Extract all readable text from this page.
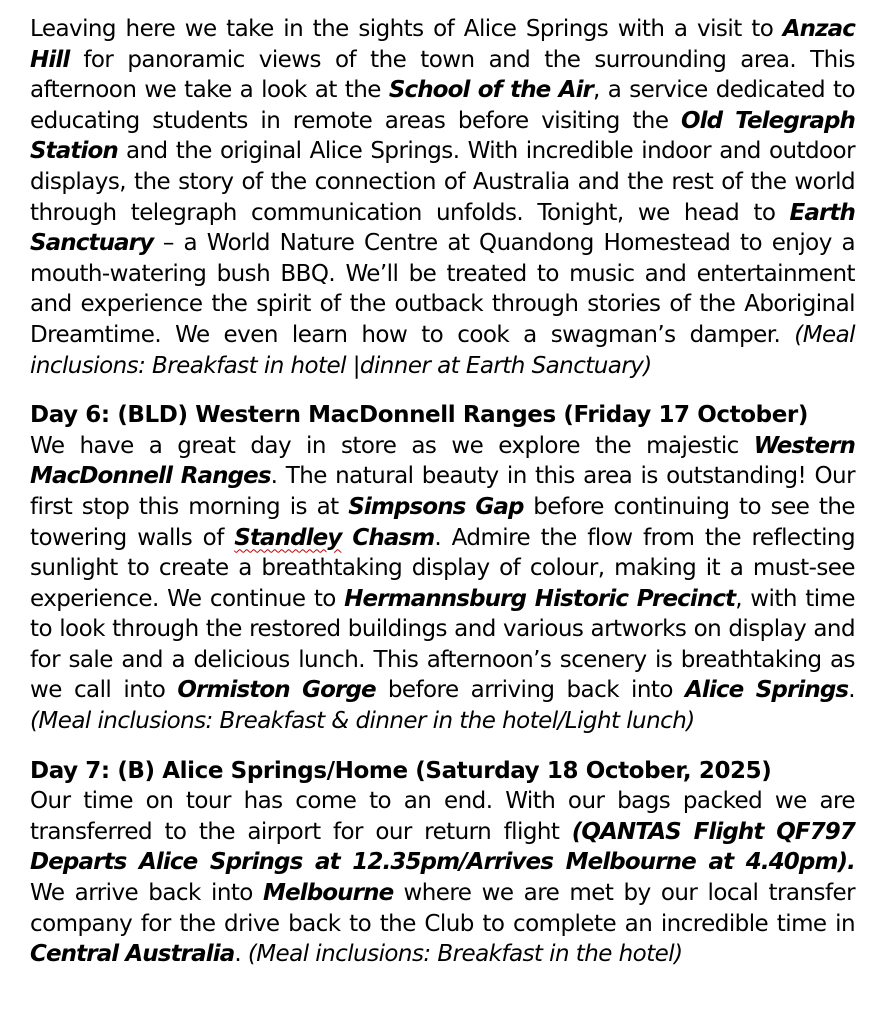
Leaving here we take in the sights of Alice Springs with a visit to Anzac Hill for panoramic views of the town and the surrounding area. This afternoon we take a look at the School of the Air, a service dedicated to educating students in remote areas before visiting the Old Telegraph Station and the original Alice Springs. With incredible indoor and outdoor displays, the story of the connection of Australia and the rest of the world through telegraph communication unfolds. Tonight, we head to Earth Sanctuary – a World Nature Centre at Quandong Homestead to enjoy a mouth-watering bush BBQ. We’ll be treated to music and entertainment and experience the spirit of the outback through stories of the Aboriginal Dreamtime. We even learn how to cook a swagman’s damper. (Meal inclusions: Breakfast in hotel |dinner at Earth Sanctuary)

Day 6: (BLD) Western MacDonnell Ranges (Friday 17 October)

We have a great day in store as we explore the majestic Western MacDonnell Ranges. The natural beauty in this area is outstanding! Our first stop this morning is at Simpsons Gap before continuing to see the towering walls of Standley Chasm. Admire the flow from the reflecting sunlight to create a breathtaking display of colour, making it a must-see experience. We continue to Hermannsburg Historic Precinct, with time to look through the restored buildings and various artworks on display and for sale and a delicious lunch. This afternoon’s scenery is breathtaking as we call into Ormiston Gorge before arriving back into Alice Springs. (Meal inclusions: Breakfast & dinner in the hotel/Light lunch)

Day 7: (B) Alice Springs/Home (Saturday 18 October, 2025)

Our time on tour has come to an end. With our bags packed we are transferred to the airport for our return flight (QANTAS Flight QF797 Departs Alice Springs at 12.35pm/Arrives Melbourne at 4.40pm). We arrive back into Melbourne where we are met by our local transfer company for the drive back to the Club to complete an incredible time in Central Australia. (Meal inclusions: Breakfast in the hotel)
